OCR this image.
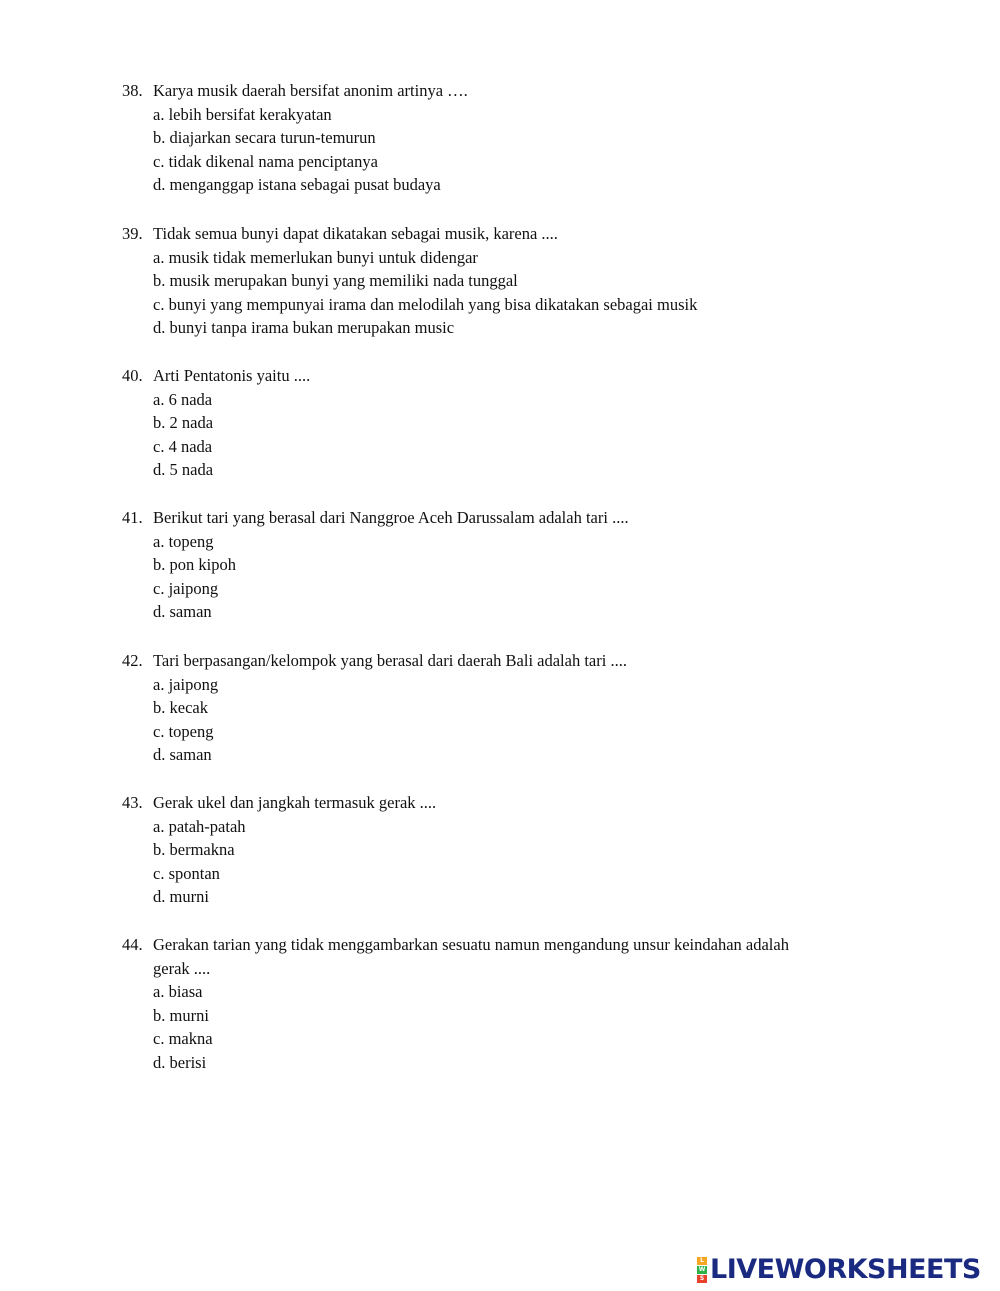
38. Karya musik daerah bersifat anonim artinya ….
a. lebih bersifat kerakyatan
b. diajarkan secara turun-temurun
c. tidak dikenal nama penciptanya
d. menganggap istana sebagai pusat budaya
39. Tidak semua bunyi dapat dikatakan sebagai musik, karena ....
a. musik tidak memerlukan bunyi untuk didengar
b. musik merupakan bunyi yang memiliki nada tunggal
c. bunyi yang mempunyai irama dan melodilah yang bisa dikatakan sebagai musik
d. bunyi tanpa irama bukan merupakan music
40. Arti Pentatonis yaitu ....
a. 6 nada
b. 2 nada
c. 4 nada
d. 5 nada
41. Berikut tari yang berasal dari Nanggroe Aceh Darussalam adalah tari ....
a. topeng
b. pon kipoh
c. jaipong
d. saman
42. Tari berpasangan/kelompok yang berasal dari daerah Bali adalah tari ....
a. jaipong
b. kecak
c. topeng
d. saman
43. Gerak ukel dan jangkah termasuk gerak ....
a. patah-patah
b. bermakna
c. spontan
d. murni
44. Gerakan tarian yang tidak menggambarkan sesuatu namun mengandung unsur keindahan adalah gerak ....
a. biasa
b. murni
c. makna
d. berisi
L
W
S LIVEWORKSHEETS
